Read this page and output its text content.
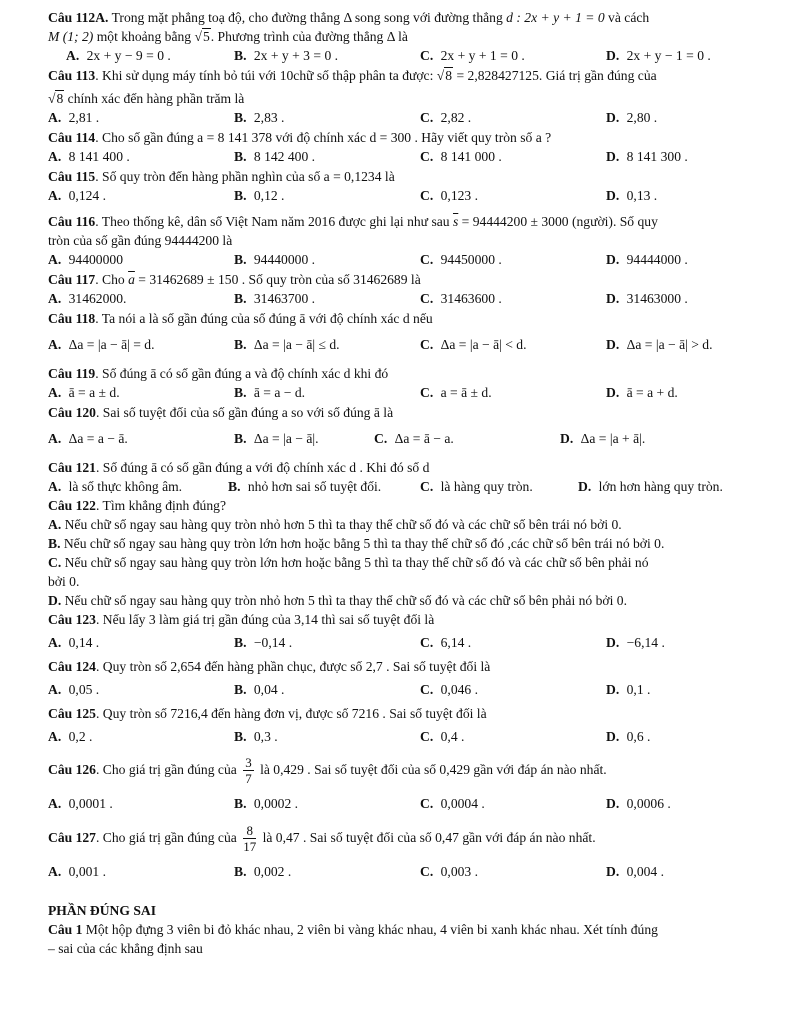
Câu 112A. Trong mặt phẳng toạ độ, cho đường thẳng Δ song song với đường thẳng d : 2x + y + 1 = 0 và cách
M (1; 2) một khoảng bằng √5. Phương trình của đường thẳng Δ là
A. 2x + y − 9 = 0 .	B. 2x + y + 3 = 0 .	C. 2x + y + 1 = 0 .	D. 2x + y − 1 = 0 .
Câu 113. Khi sử dụng máy tính bỏ túi với 10chữ số thập phân ta được: √8 = 2,828427125. Giá trị gần đúng của
√8 chính xác đến hàng phần trăm là
A. 2,81 .	B. 2,83 .	C. 2,82 .	D. 2,80 .
Câu 114. Cho số gần đúng a = 8 141 378 với độ chính xác d = 300 . Hãy viết quy tròn số a ?
A. 8 141 400 .	B. 8 142 400 .	C. 8 141 000 .	D. 8 141 300 .
Câu 115. Số quy tròn đến hàng phần nghìn của số a = 0,1234 là
A. 0,124 .	B. 0,12 .	C. 0,123 .	D. 0,13 .
Câu 116. Theo thống kê, dân số Việt Nam năm 2016 được ghi lại như sau $\overline{s} = 94444200 \pm 3000$ (người). Số quy
tròn của số gần đúng 94444200 là
A. 94400000	B. 94440000 .	C. 94450000 .	D. 94444000 .
Câu 117. Cho $\overline{a} = 31462689 \pm 150$ . Số quy tròn của số 31462689 là
A. 31462000.	B. 31463700 .	C. 31463600 .	D. 31463000 .
Câu 118. Ta nói a là số gần đúng của số đúng ā với độ chính xác d nếu
A. Δa = |a − ā| = d.	B. Δa = |a − ā| ≤ d.	C. Δa = |a − ā| < d.	D. Δa = |a − ā| > d.
Câu 119. Số đúng ā có số gần đúng a và độ chính xác d khi đó
A. ā = a ± d.	B. ā = a − d.	C. a = ā ± d.	D. ā = a + d.
Câu 120. Sai số tuyệt đối của số gần đúng a so với số đúng ā là
A. Δa = a − ā.	B. Δa = |a − ā|.	C. Δa = ā − a.	D. Δa = |a + ā|.
Câu 121. Số đúng ā có số gần đúng a với độ chính xác d . Khi đó số d
A. là số thực không âm.	B. nhỏ hơn sai số tuyệt đối.	C. là hàng quy tròn.	D. lớn hơn hàng quy tròn.
Câu 122. Tìm khẳng định đúng?
A. Nếu chữ số ngay sau hàng quy tròn nhỏ hơn 5 thì ta thay thế chữ số đó và các chữ số bên trái nó bởi 0.
B. Nếu chữ số ngay sau hàng quy tròn lớn hơn hoặc bằng 5 thì ta thay thế chữ số đó ,các chữ số bên trái nó bởi 0.
C. Nếu chữ số ngay sau hàng quy tròn lớn hơn hoặc bằng 5 thì ta thay thế chữ số đó và các chữ số bên phải nó
bởi 0.
D. Nếu chữ số ngay sau hàng quy tròn nhỏ hơn 5 thì ta thay thế chữ số đó và các chữ số bên phải nó bởi 0.
Câu 123. Nếu lấy 3 làm giá trị gần đúng của 3,14 thì sai số tuyệt đối là
A. 0,14 .	B. −0,14 .	C. 6,14 .	D. −6,14 .
Câu 124. Quy tròn số 2,654 đến hàng phần chục, được số 2,7 . Sai số tuyệt đối là
A. 0,05 .	B. 0,04 .	C. 0,046 .	D. 0,1 .
Câu 125. Quy tròn số 7216,4 đến hàng đơn vị, được số 7216 . Sai số tuyệt đối là
A. 0,2 .	B. 0,3 .	C. 0,4 .	D. 0,6 .
Câu 126. Cho giá trị gần đúng của $\frac{3}{7}$ là 0,429 . Sai số tuyệt đối của số 0,429 gần với đáp án nào nhất.
A. 0,0001 .	B. 0,0002 .	C. 0,0004 .	D. 0,0006 .
Câu 127. Cho giá trị gần đúng của $\frac{8}{17}$ là 0,47 . Sai số tuyệt đối của số 0,47 gần với đáp án nào nhất.
A. 0,001 .	B. 0,002 .	C. 0,003 .	D. 0,004 .
PHẦN ĐÚNG SAI
Câu 1 Một hộp đựng 3 viên bi đỏ khác nhau, 2 viên bi vàng khác nhau, 4 viên bi xanh khác nhau. Xét tính đúng
– sai của các khẳng định sau
